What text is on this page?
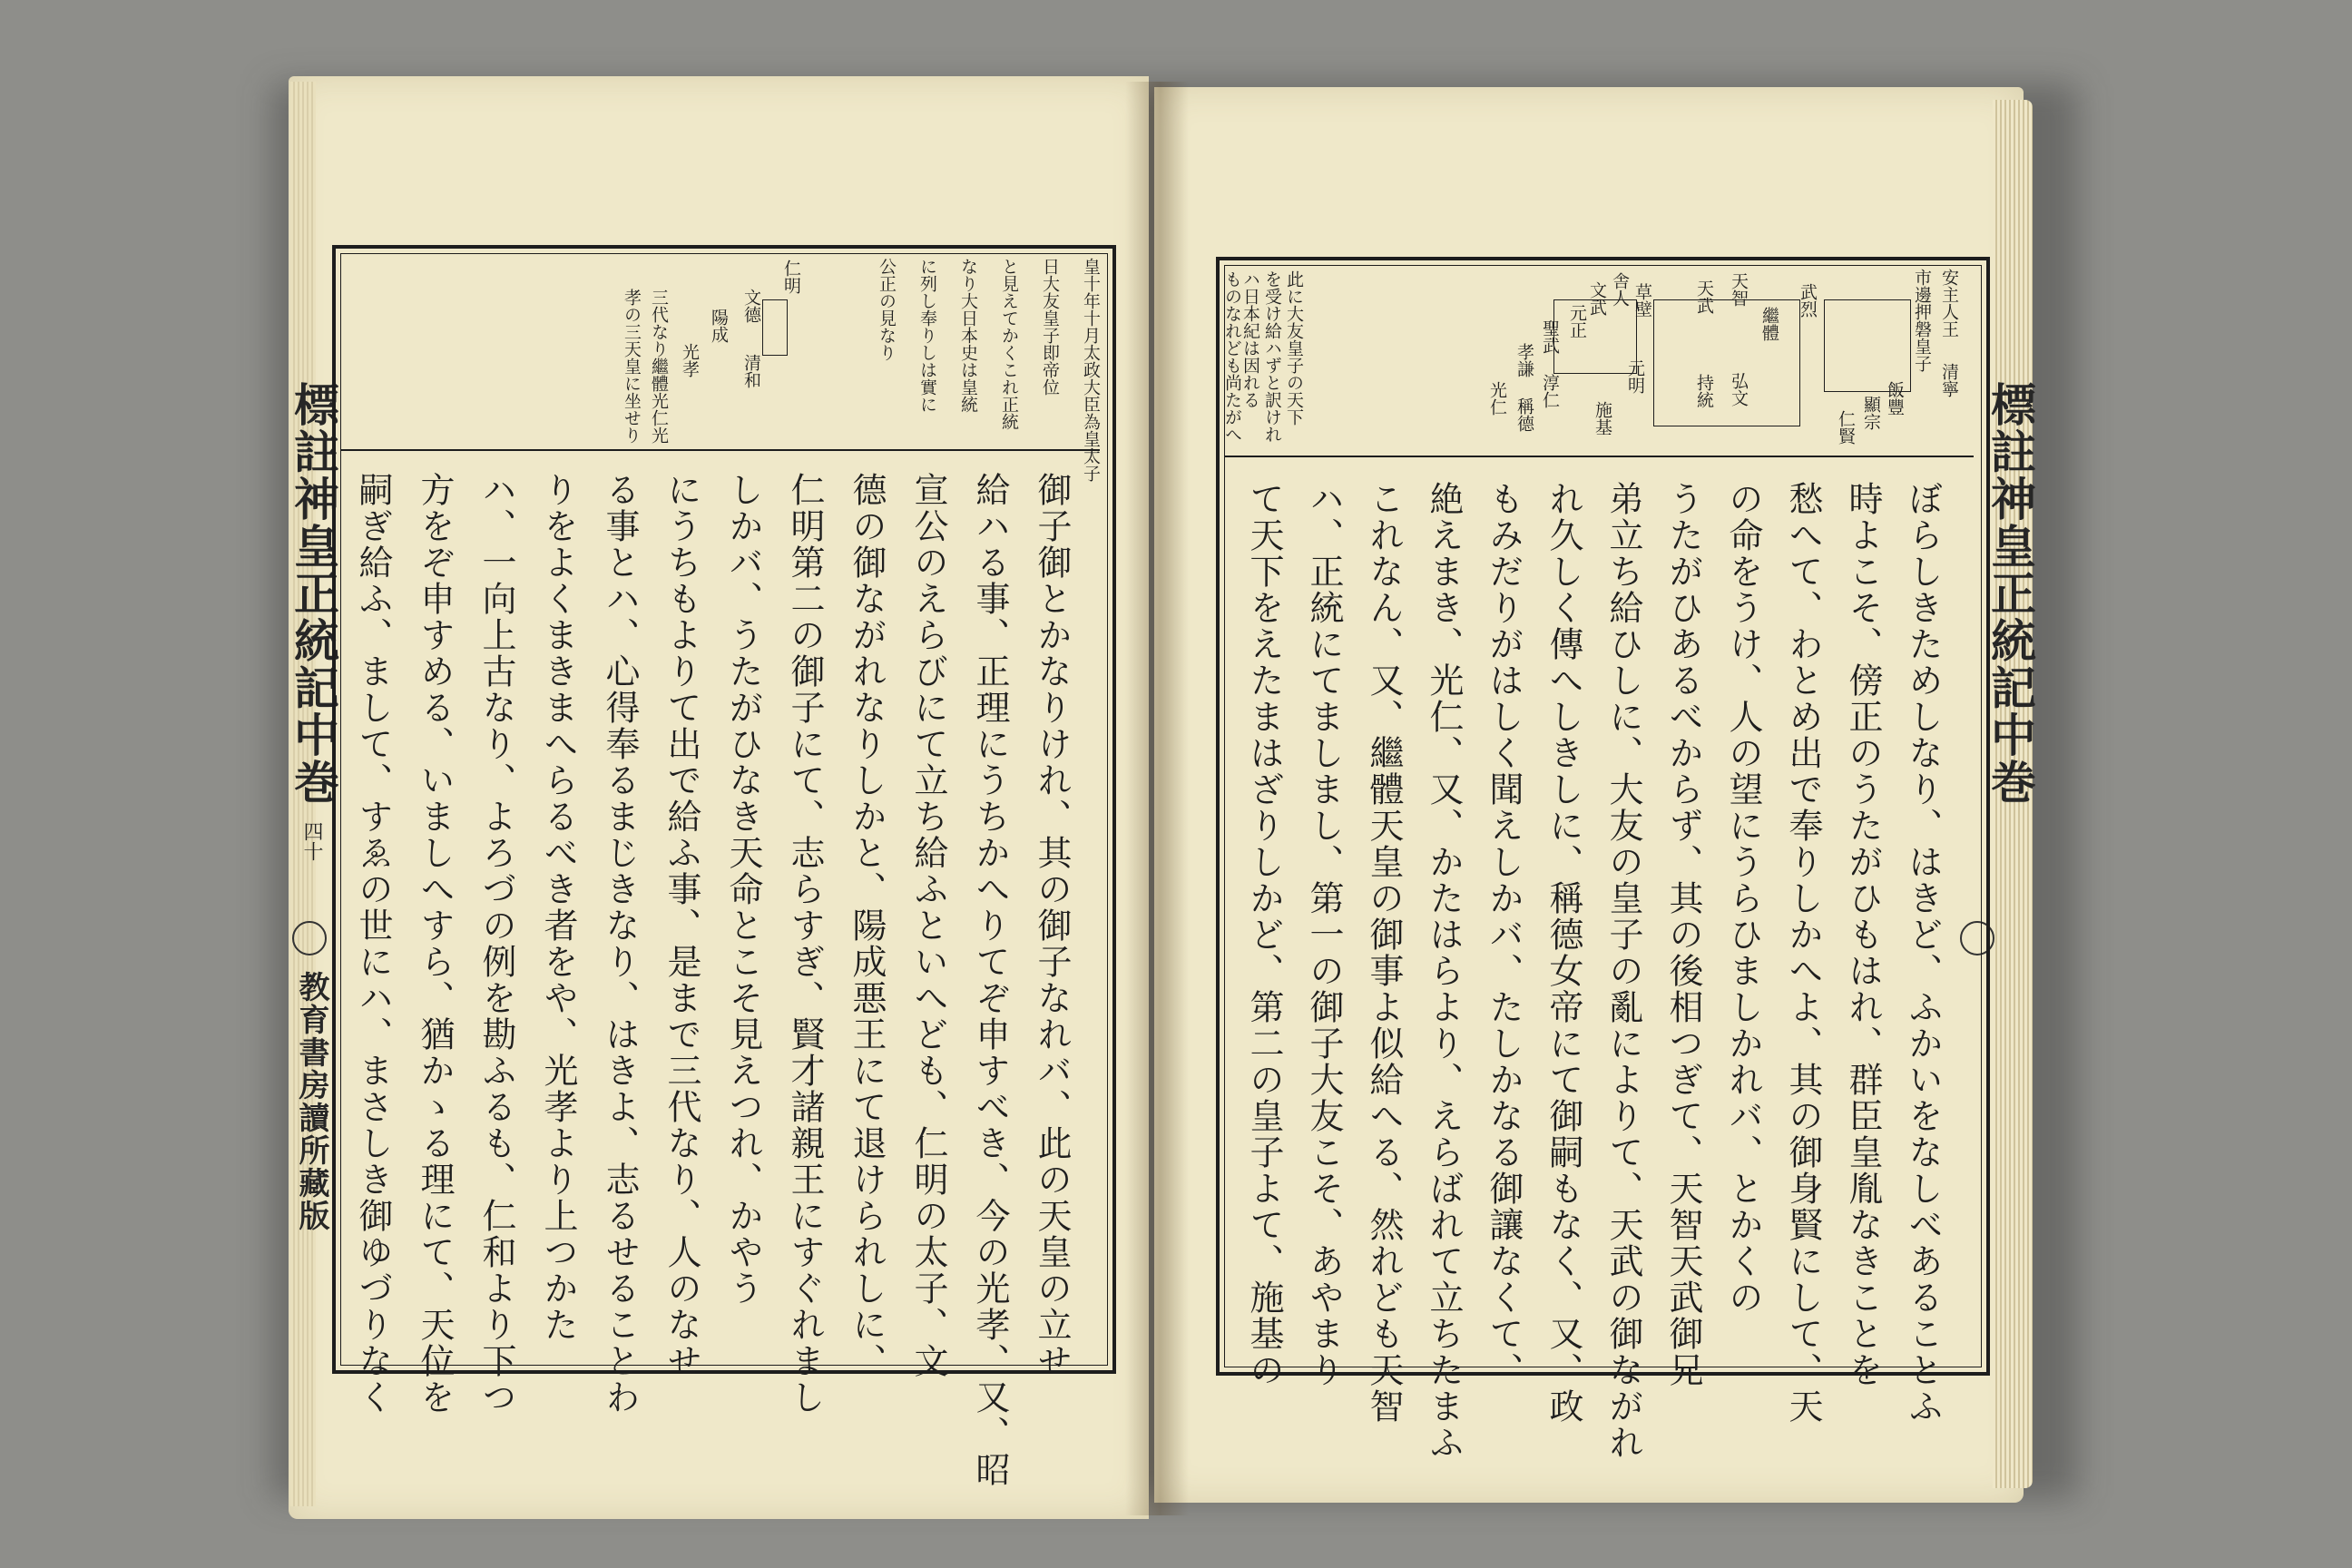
標註神皇正統記中巻
四十
教育書房讀所藏版
標註神皇正統記中巻
皇十年十月太政大臣為皇太子
日大友皇子即帝位
と見えてかくこれ正統
なり大日本史は皇統
に列し奉りしは實に
公正の見なり
仁明
文德
清和
陽成
光孝
三代なり繼體光仁光
孝の三天皇に坐せり
御子御とかなりけれ、其の御子なれバ、此の天皇の立せ
給ハる事、正理にうちかへりてぞ申すべき、今の光孝、又、昭
宣公のえらびにて立ち給ふといへども、仁明の太子、文
德の御ながれなりしかと、陽成悪王にて退けられしに、
仁明第二の御子にて、志らすぎ、賢才諸親王にすぐれまし
しかバ、うたがひなき天命とこそ見えつれ、かやう
にうちもよりて出で給ふ事、是まで三代なり、人のなせ
る事とハ、心得奉るまじきなり、はきよ、志るせることわ
りをよくまきまへらるべき者をや、光孝より上つかた
ハ、一向上古なり、よろづの例を勘ふるも、仁和より下つ
方をぞ申すめる、いましへすら、猶かゝる理にて、天位を
嗣ぎ給ふ、まして、すゑの世にハ、まさしき御ゆづりなく
安主人王
市邊押磐皇子
清寧
飯豐
顯宗
仁賢
武烈
繼體
天智
天武
弘文
持統
文武
元正
聖武
孝謙
淳仁
稱德
光仁
草壁
舎人
元明
施基
此に大友皇子の天下
を受け給ハずと訳けれ
ハ日本紀は因れる
ものなれども尚たがへ
ぼらしきためしなり、はきど、ふかいをなしべあることふ
時よこそ、傍正のうたがひもはれ、群臣皇胤なきことを
愁へて、わとめ出で奉りしかへよ、其の御身賢にして、天
の命をうけ、人の望にうらひましかれバ、とかくの
うたがひあるべからず、其の後相つぎて、天智天武御兄
弟立ち給ひしに、大友の皇子の亂によりて、天武の御ながれ
れ久しく傳へしきしに、稱德女帝にて御嗣もなく、又、政
もみだりがはしく聞えしかバ、たしかなる御讓なくて、
絶えまき、光仁、又、かたはらより、えらばれて立ちたまふ
これなん、又、繼體天皇の御事よ似給へる、然れども天智
ハ、正統にてましまし、第一の御子大友こそ、あやまり
て天下をえたまはざりしかど、第二の皇子よて、施基の
